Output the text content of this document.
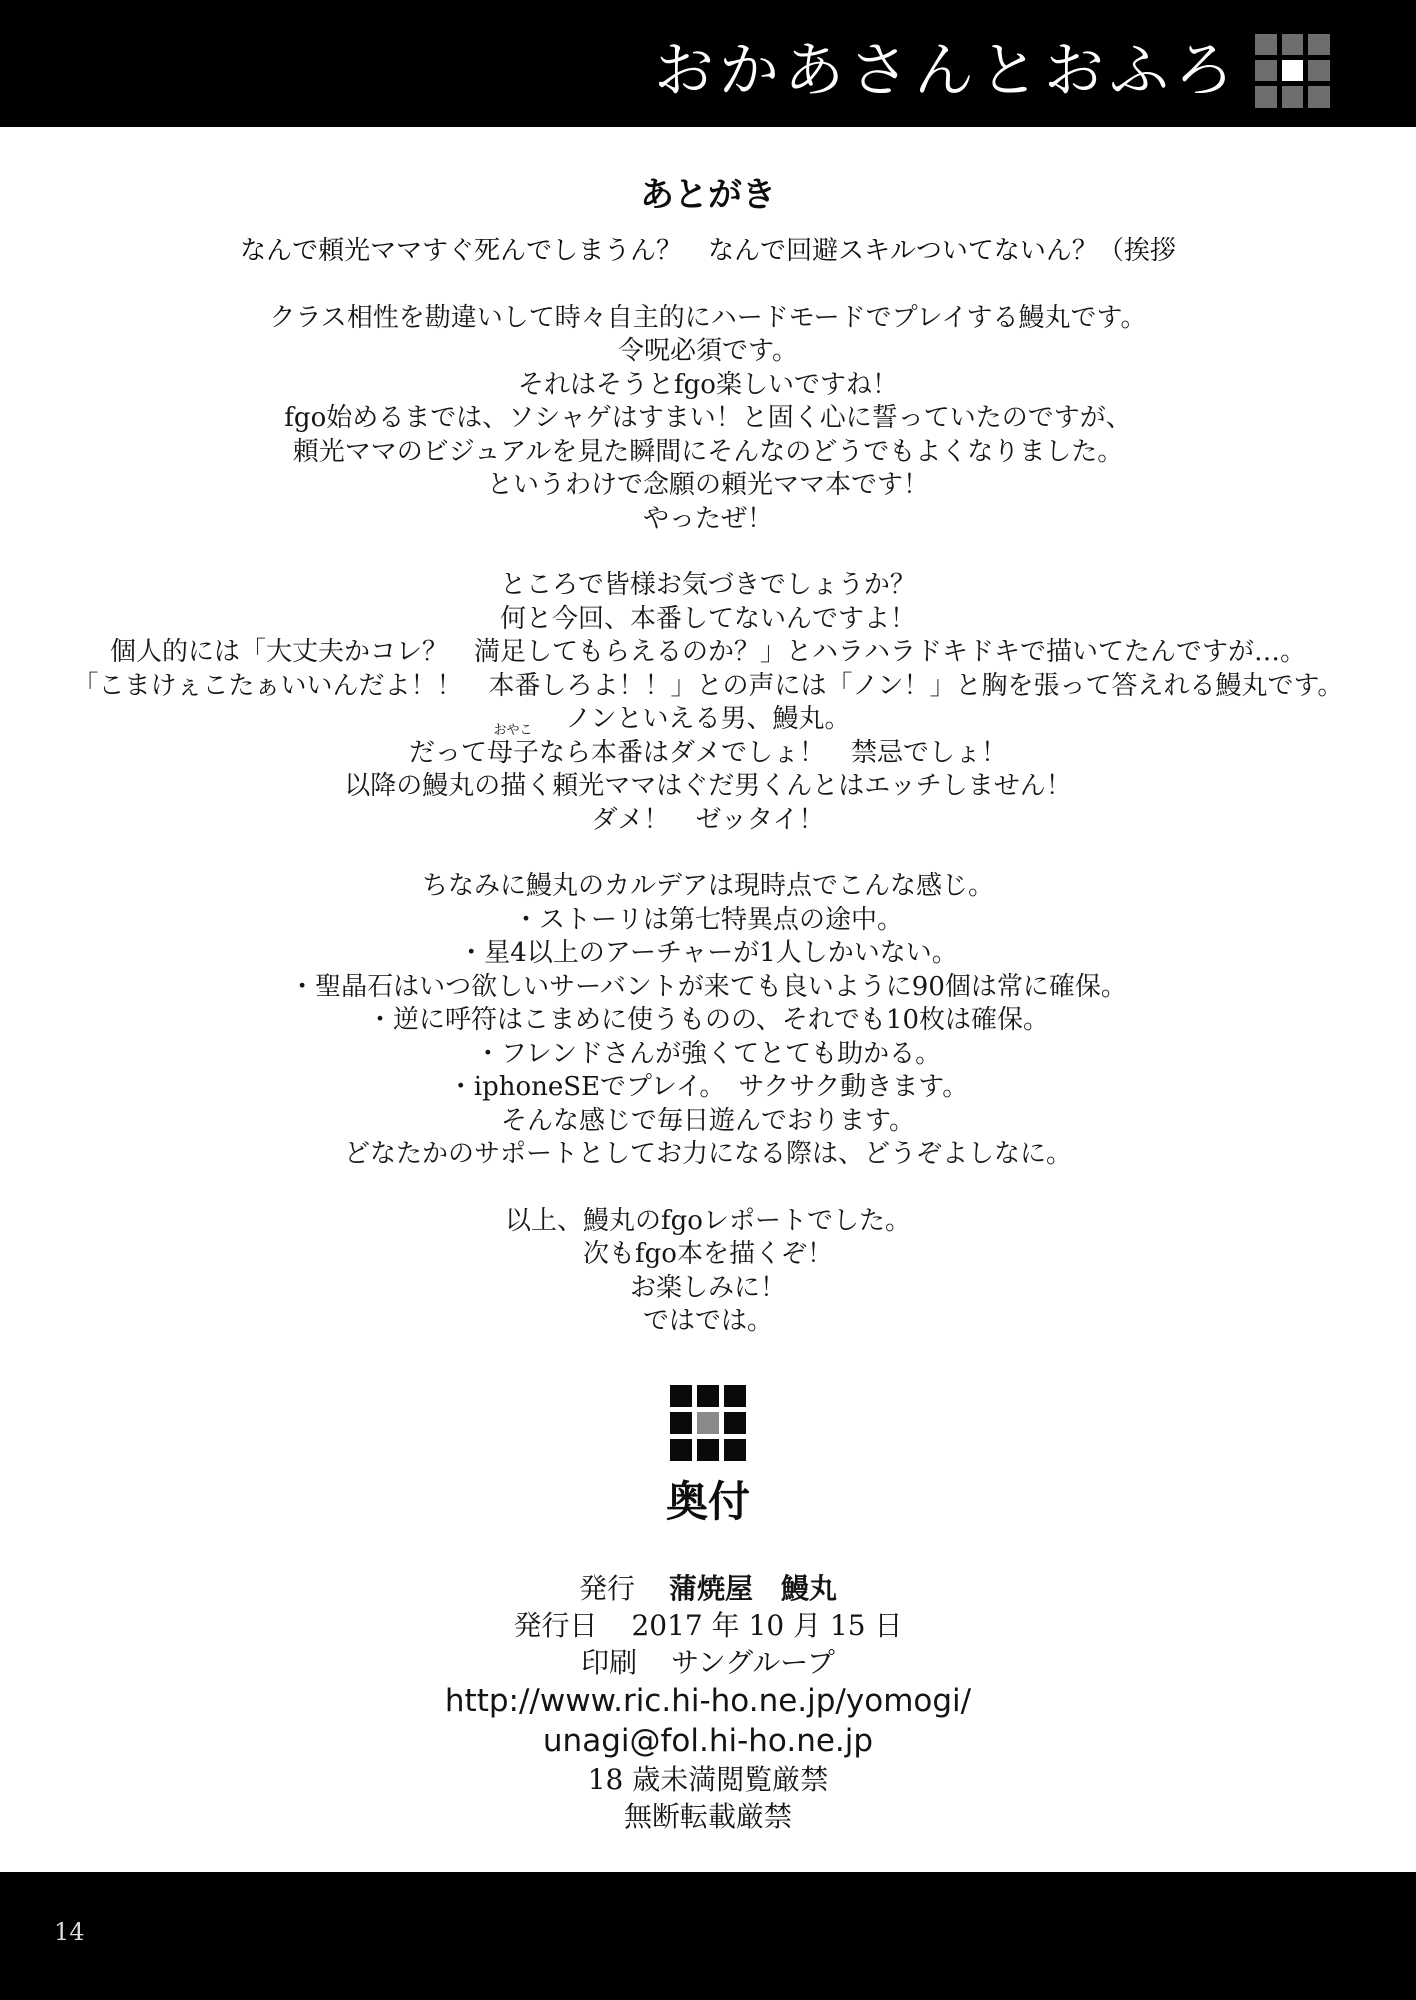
おかあさんとおふろ
あとがき
なんで頼光ママすぐ死んでしまうん？　なんで回避スキルついてないん？（挨拶
クラス相性を勘違いして時々自主的にハードモードでプレイする鰻丸です。
令呪必須です。
それはそうとfgo楽しいですね！
fgo始めるまでは、ソシャゲはすまい！と固く心に誓っていたのですが、
頼光ママのビジュアルを見た瞬間にそんなのどうでもよくなりました。
というわけで念願の頼光ママ本です！
やったぜ！
ところで皆様お気づきでしょうか？
何と今回、本番してないんですよ！
個人的には「大丈夫かコレ？　満足してもらえるのか？」とハラハラドキドキで描いてたんですが…。
「こまけぇこたぁいいんだよ！！　本番しろよ！！」との声には「ノン！」と胸を張って答えれる鰻丸です。
ノンといえる男、鰻丸。
だって
おやこ
母子なら本番はダメでしょ！　禁忌でしょ！
以降の鰻丸の描く頼光ママはぐだ男くんとはエッチしません！
ダメ！　ゼッタイ！
ちなみに鰻丸のカルデアは現時点でこんな感じ。
・ストーリは第七特異点の途中。
・星4以上のアーチャーが1人しかいない。
・聖晶石はいつ欲しいサーバントが来ても良いように90個は常に確保。
・逆に呼符はこまめに使うものの、それでも10枚は確保。
・フレンドさんが強くてとても助かる。
・iphoneSEでプレイ。　サクサク動きます。
そんな感じで毎日遊んでおります。
どなたかのサポートとしてお力になる際は、どうぞよしなに。
以上、鰻丸のfgoレポートでした。
次もfgo本を描くぞ！
お楽しみに！
ではでは。
奥付
発行 蒲焼屋　鰻丸
発行日 2017 年 10 月 15 日
印刷 サングループ
http://www.ric.hi-ho.ne.jp/yomogi/
unagi@fol.hi-ho.ne.jp
18 歳未満閲覧厳禁
無断転載厳禁
14
